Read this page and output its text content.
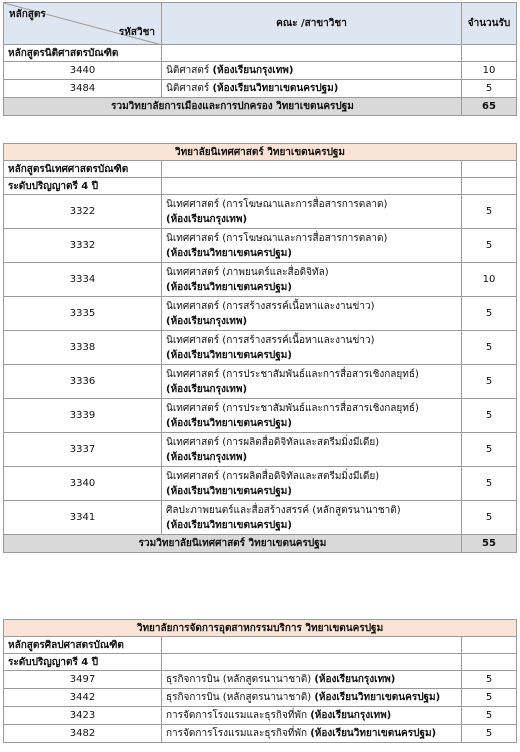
หลักสูตร
รหัสวิชา	คณะ /สาขาวิชา	จำนวนรับ
หลักสูตรนิติศาสตรบัณฑิต		
3440	นิติศาสตร์ (ห้องเรียนกรุงเทพ)	10
3484	นิติศาสตร์ (ห้องเรียนวิทยาเขตนครปฐม)	5
รวมวิทยาลัยการเมืองและการปกครอง วิทยาเขตนครปฐม		65
วิทยาลัยนิเทศศาสตร์ วิทยาเขตนครปฐม		
หลักสูตรนิเทศศาสตรบัณฑิต		
ระดับปริญญาตรี 4 ปี		
3322	นิเทศศาสตร์ (การโฆษณาและการสื่อสารการตลาด)
(ห้องเรียนกรุงเทพ)	5
3332	นิเทศศาสตร์ (การโฆษณาและการสื่อสารการตลาด)
(ห้องเรียนวิทยาเขตนครปฐม)	5
3334	นิเทศศาสตร์ (ภาพยนตร์และสื่อดิจิทัล)
(ห้องเรียนวิทยาเขตนครปฐม)	10
3335	นิเทศศาสตร์ (การสร้างสรรค์เนื้อหาและงานข่าว)
(ห้องเรียนกรุงเทพ)	5
3338	นิเทศศาสตร์ (การสร้างสรรค์เนื้อหาและงานข่าว)
(ห้องเรียนวิทยาเขตนครปฐม)	5
3336	นิเทศศาสตร์ (การประชาสัมพันธ์และการสื่อสารเชิงกลยุทธ์)
(ห้องเรียนกรุงเทพ)	5
3339	นิเทศศาสตร์ (การประชาสัมพันธ์และการสื่อสารเชิงกลยุทธ์)
(ห้องเรียนวิทยาเขตนครปฐม)	5
3337	นิเทศศาสตร์ (การผลิตสื่อดิจิทัลและสตรีมมิ่งมีเดีย)
(ห้องเรียนกรุงเทพ)	5
3340	นิเทศศาสตร์ (การผลิตสื่อดิจิทัลและสตรีมมิ่งมีเดีย)
(ห้องเรียนวิทยาเขตนครปฐม)	5
3341	ศิลปะภาพยนตร์และสื่อสร้างสรรค์ (หลักสูตรนานาชาติ)
(ห้องเรียนวิทยาเขตนครปฐม)	5
รวมวิทยาลัยนิเทศศาสตร์ วิทยาเขตนครปฐม		55
วิทยาลัยการจัดการอุตสาหกรรมบริการ วิทยาเขตนครปฐม		
หลักสูตรศิลปศาสตรบัณฑิต		
ระดับปริญญาตรี 4 ปี		
3497	ธุรกิจการบิน (หลักสูตรนานาชาติ) (ห้องเรียนกรุงเทพ)	5
3442	ธุรกิจการบิน (หลักสูตรนานาชาติ) (ห้องเรียนวิทยาเขตนครปฐม)	5
3423	การจัดการโรงแรมและธุรกิจที่พัก (ห้องเรียนกรุงเทพ)	5
3482	การจัดการโรงแรมและธุรกิจที่พัก (ห้องเรียนวิทยาเขตนครปฐม)	5
